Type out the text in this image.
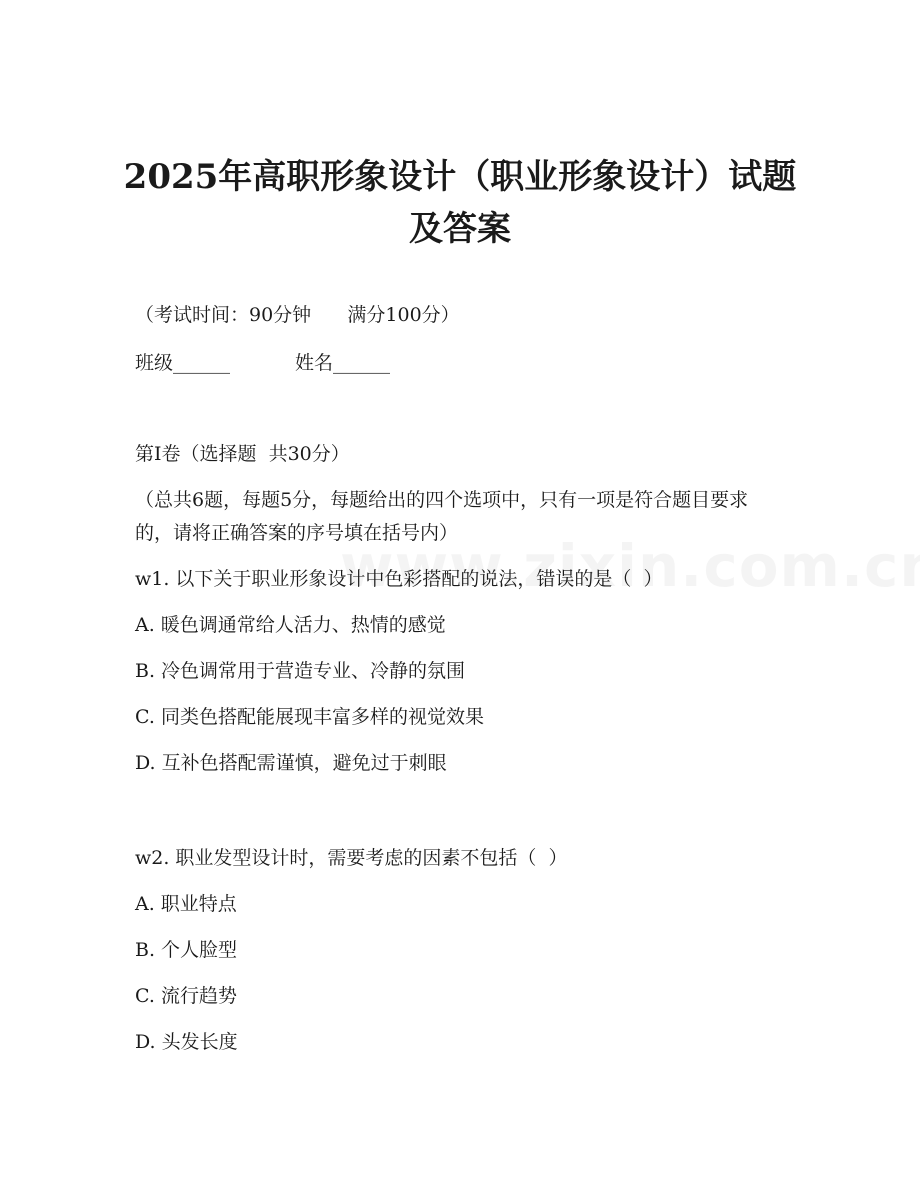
2025年高职形象设计（职业形象设计）试题
及答案
（考试时间：90分钟      满分100分）
班级______	姓名______
第Ⅰ卷（选择题  共30分）
（总共6题，每题5分，每题给出的四个选项中，只有一项是符合题目要求的，请将正确答案的序号填在括号内）
w1. 以下关于职业形象设计中色彩搭配的说法，错误的是（  ）
A. 暖色调通常给人活力、热情的感觉
B. 冷色调常用于营造专业、冷静的氛围
C. 同类色搭配能展现丰富多样的视觉效果
D. 互补色搭配需谨慎，避免过于刺眼
w2. 职业发型设计时，需要考虑的因素不包括（  ）
A. 职业特点
B. 个人脸型
C. 流行趋势
D. 头发长度
